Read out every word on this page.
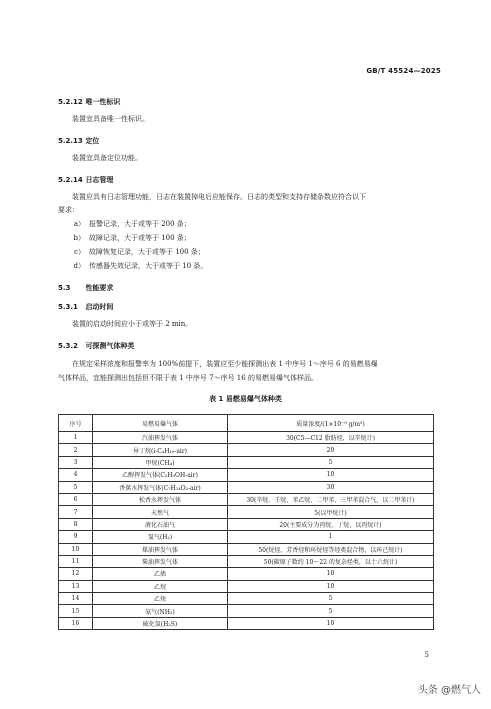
GB/T 45524—2025
5.2.12 唯一性标识
装置宜具备唯一性标识。
5.2.13 定位
装置宜具备定位功能。
5.2.14 日志管理
装置应具有日志管理功能，日志在装置掉电后应能保存。日志的类型和支持存储条数应符合以下
要求：
a） 报警记录，大于或等于 200 条；
b） 故障记录，大于或等于 100 条；
c） 故障恢复记录，大于或等于 100 条；
d） 传感器失效记录，大于或等于 10 条。
5.3 性能要求
5.3.1 启动时间
装置的启动时间应小于或等于 2 min。
5.3.2 可探测气体种类
在规定采样浓度和报警率为 100%前提下，装置应至少能探测出表 1 中序号 1～序号 6 的易燃易爆
气体样品，宜能探测出包括但不限于表 1 中序号 7～序号 16 的易燃易爆气体样品。
表 1 易燃易爆气体种类
序号	易燃易爆气体	质量浓度/(1×10⁻⁹ g/m³)
1	汽油挥发气体	30(C5—C12 脂肪烃，以辛烷计)
2	异丁烷(i-C₄H₁₀-air)	20
3	甲烷(CH₄)	5
4	乙醇挥发气体(C₂H₅OH-air)	10
5	香蕉水挥发气体(C₇H₁₄O₂-air)	30
6	松香水挥发气体	30(辛烷、壬烷、苯乙烷、二甲苯、三甲苯混合气，以二甲苯计)
7	天然气	5(以甲烷计)
8	液化石油气	20(主要成分为丙烷、丁烷，以丙烷计)
9	氢气(H₂)	1
10	煤油挥发气体	50(烷烃、芳香烃和环烷烃等烃类混合物，以环己烷计)
11	柴油挥发气体	50(碳原子数约 10～22 的复杂烃类，以十六烷计)
12	乙烯	10
13	乙烷	10
14	乙炔	5
15	氨气(NH₃)	5
16	硫化氢(H₂S)	10
5
头条 @燃气人
